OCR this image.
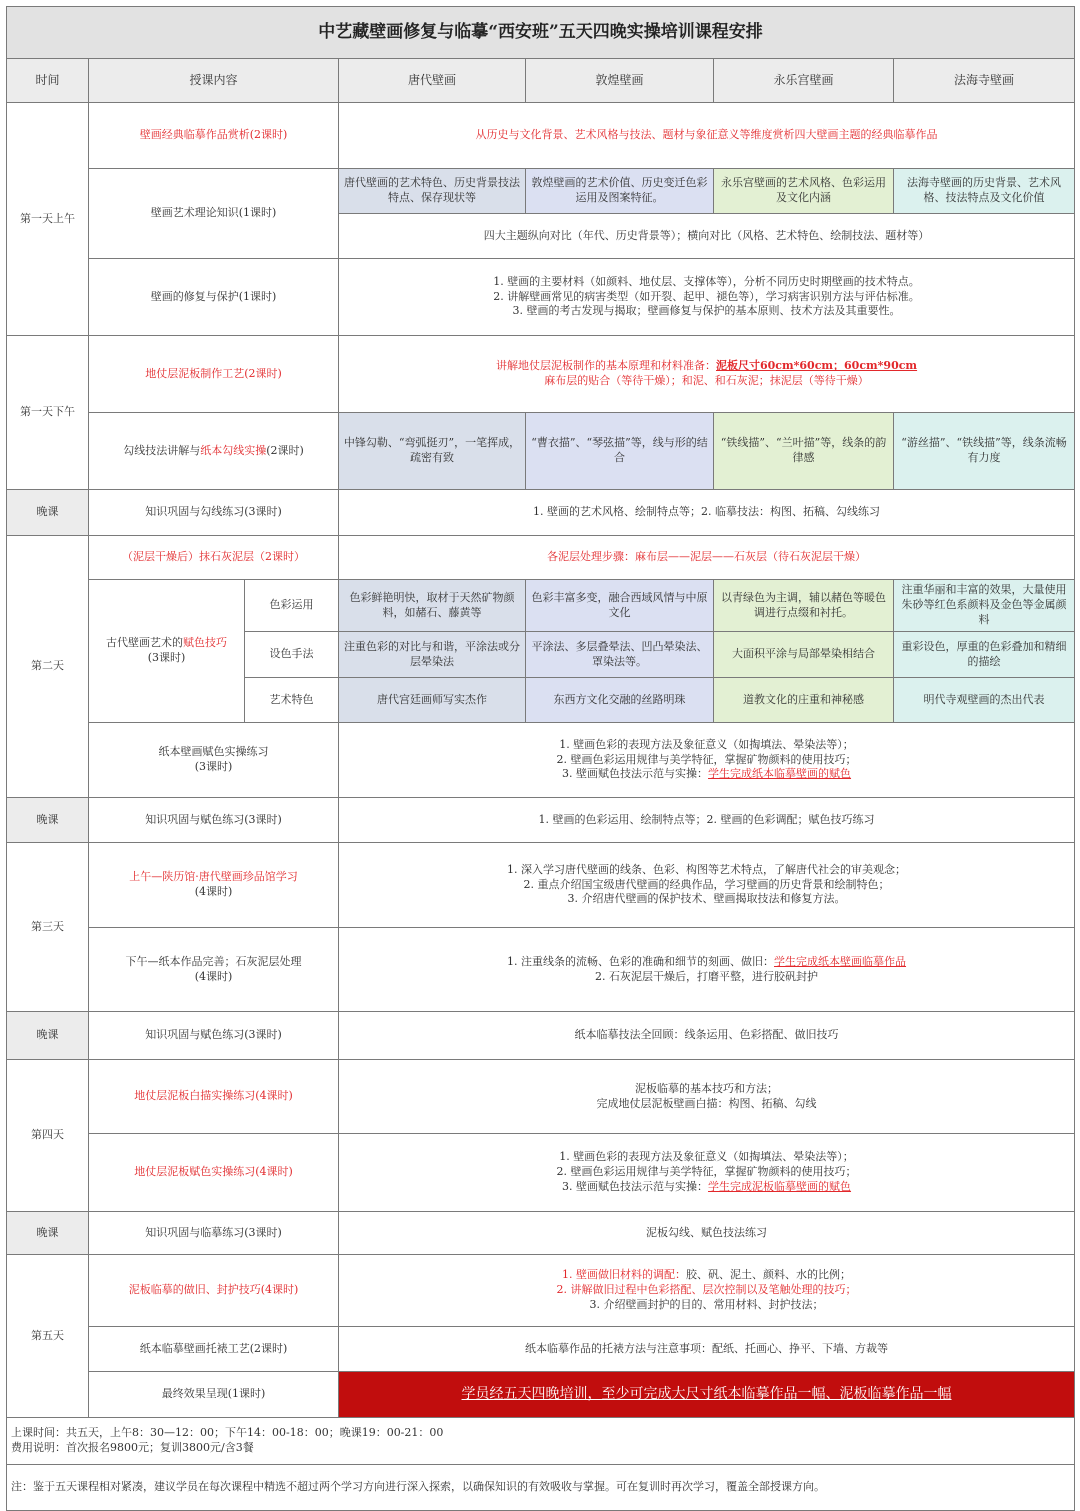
中艺藏壁画修复与临摹“西安班”五天四晚实操培训课程安排						
时间	授课内容		唐代壁画	敦煌壁画	永乐宫壁画	法海寺壁画
第一天上午	壁画经典临摹作品赏析(2课时)		从历史与文化背景、艺术风格与技法、题材与象征意义等维度赏析四大壁画主题的经典临摹作品			
	壁画艺术理论知识(1课时)		唐代壁画的艺术特色、历史背景技法特点、保存现状等	敦煌壁画的艺术价值、历史变迁色彩运用及图案特征。	永乐宫壁画的艺术风格、色彩运用及文化内涵	法海寺壁画的历史背景、艺术风格、技法特点及文化价值
			四大主题纵向对比（年代、历史背景等）；横向对比（风格、艺术特色、绘制技法、题材等）			
	壁画的修复与保护(1课时)		1. 壁画的主要材料（如颜料、地仗层、支撑体等），分析不同历史时期壁画的技术特点。
2. 讲解壁画常见的病害类型（如开裂、起甲、褪色等），学习病害识别方法与评估标准。
3. 壁画的考古发现与揭取；壁画修复与保护的基本原则、技术方法及其重要性。			

第一天下午	地仗层泥板制作工艺(2课时)		讲解地仗层泥板制作的基本原理和材料准备：泥板尺寸60cm*60cm；60cm*90cm
麻布层的贴合（等待干燥）；和泥、和石灰泥；抹泥层（等待干燥）			

	勾线技法讲解与纸本勾线实操(2课时)		中锋勾勒、“弯弧挺刃”，一笔挥成，疏密有致	“曹衣描”、“琴弦描”等，线与形的结合	“铁线描”、“兰叶描”等，线条的韵律感	“游丝描”、“铁线描”等，线条流畅有力度
晚课	知识巩固与勾线练习(3课时)		1. 壁画的艺术风格、绘制特点等；2. 临摹技法：构图、拓稿、勾线练习			
第二天	（泥层干燥后）抹石灰泥层（2课时）		各泥层处理步骤：麻布层——泥层——石灰层（待石灰泥层干燥）			
	古代壁画艺术的赋色技巧
(3课时)	色彩运用	色彩鲜艳明快，取材于天然矿物颜料，如赭石、藤黄等	色彩丰富多变，融合西域风情与中原文化	以青绿色为主调，辅以赭色等暖色调进行点缀和衬托。	注重华丽和丰富的效果，大量使用朱砂等红色系颜料及金色等金属颜料
		设色手法	注重色彩的对比与和谐，平涂法或分层晕染法	平涂法、多层叠晕法、凹凸晕染法、罩染法等。	大面积平涂与局部晕染相结合	重彩设色，厚重的色彩叠加和精细的描绘
		艺术特色	唐代宫廷画师写实杰作	东西方文化交融的丝路明珠	道教文化的庄重和神秘感	明代寺观壁画的杰出代表

	纸本壁画赋色实操练习
(3课时)		1. 壁画色彩的表现方法及象征意义（如掏填法、晕染法等）；
2. 壁画色彩运用规律与美学特征，掌握矿物颜料的使用技巧；
3. 壁画赋色技法示范与实操：学生完成纸本临摹壁画的赋色			

晚课	知识巩固与赋色练习(3课时)		1. 壁画的色彩运用、绘制特点等；2. 壁画的色彩调配；赋色技巧练习			
第三天	上午—陕历馆·唐代壁画珍品馆学习
(4课时)		1. 深入学习唐代壁画的线条、色彩、构图等艺术特点，了解唐代社会的审美观念；
2. 重点介绍国宝级唐代壁画的经典作品，学习壁画的历史背景和绘制特色；
3. 介绍唐代壁画的保护技术、壁画揭取技法和修复方法。			

	下午—纸本作品完善；石灰泥层处理
(4课时)		1. 注重线条的流畅、色彩的准确和细节的刻画、做旧：学生完成纸本壁画临摹作品
2. 石灰泥层干燥后，打磨平整，进行胶矾封护			

晚课	知识巩固与赋色练习(3课时)		纸本临摹技法全回顾：线条运用、色彩搭配、做旧技巧			
第四天	地仗层泥板白描实操练习(4课时)		泥板临摹的基本技巧和方法；
完成地仗层泥板壁画白描：构图、拓稿、勾线			

	地仗层泥板赋色实操练习(4课时)		1. 壁画色彩的表现方法及象征意义（如掏填法、晕染法等）；
2. 壁画色彩运用规律与美学特征，掌握矿物颜料的使用技巧；
3. 壁画赋色技法示范与实操：学生完成泥板临摹壁画的赋色			

晚课	知识巩固与临摹练习(3课时)		泥板勾线、赋色技法练习			
第五天	泥板临摹的做旧、封护技巧(4课时)		1. 壁画做旧材料的调配：胶、矾、泥土、颜料、水的比例；
2. 讲解做旧过程中色彩搭配、层次控制以及笔触处理的技巧；
3. 介绍壁画封护的目的、常用材料、封护技法；			

	纸本临摹壁画托裱工艺(2课时)		纸本临摹作品的托裱方法与注意事项：配纸、托画心、挣平、下墙、方裁等			
	最终效果呈现(1课时)		学员经五天四晚培训，至少可完成大尺寸纸本临摹作品一幅、泥板临摹作品一幅			

上课时间：共五天，上午8：30—12：00；下午14：00-18：00；晚课19：00-21：00
费用说明：首次报名9800元；复训3800元/含3餐						

注：鉴于五天课程相对紧凑，建议学员在每次课程中精选不超过两个学习方向进行深入探索，以确保知识的有效吸收与掌握。可在复训时再次学习，覆盖全部授课方向。						
